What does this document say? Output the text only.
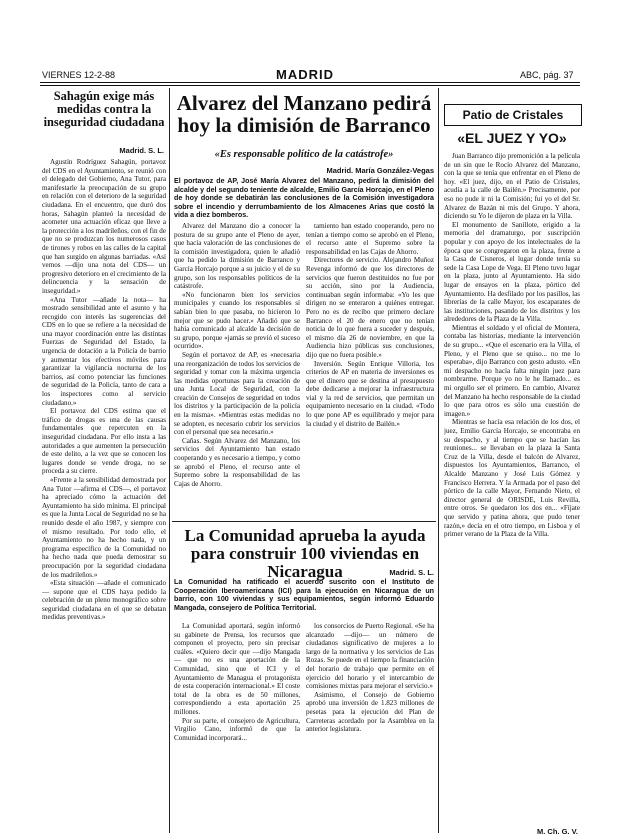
VIERNES 12-2-88	MADRID	ABC, pág. 37
Sahagún exige más medidas contra la inseguridad ciudadana
Madrid. S. L.

Agustín Rodríguez Sahagún, portavoz del CDS en el Ayuntamiento, se reunió con el delegado del Gobierno, Ana Tutor, para manifestarle la preocupación de su grupo en relación con el deterioro de la seguridad ciudadana. En el encuentro, que duró dos horas, Sahagún planteó la necesidad de acometer una actuación eficaz que lleve a la protección a los madrileños, con el fin de que no se produzcan los numerosos casos de tirones y robos en las calles de la capital que han surgido en algunas barriadas. «Así vemos —dijo una nota del CDS— un progresivo deterioro en el crecimiento de la delincuencia y la sensación de inseguridad.»

«Ana Tutor —añade la nota— ha mostrado sensibilidad ante el asunto y ha recogido con interés las sugerencias del CDS en lo que se refiere a la necesidad de una mayor coordinación entre las distintas Fuerzas de Seguridad del Estado, la urgencia de dotación a la Policía de barrio y aumentar los efectivos móviles para garantizar la vigilancia nocturna de los barrios, así como potenciar las funciones de seguridad de la Policía, tanto de cara a los inspectores como al servicio ciudadano.»

El portavoz del CDS estima que el tráfico de drogas es una de las causas fundamentales que repercuten en la inseguridad ciudadana. Por ello insta a las autoridades a que aumenten la persecución de este delito, a la vez que se conocen los lugares donde se vende droga, no se proceda a su cierre.

«Frente a la sensibilidad demostrada por Ana Tutor —afirma el CDS—, el portavoz ha apreciado cómo la actuación del Ayuntamiento ha sido mínima. El principal es que la Junta Local de Seguridad no se ha reunido desde el año 1987, y siempre con el mismo resultado. Por todo ello, el Ayuntamiento no ha hecho nada, y un programa específico de la Comunidad no ha hecho nada que pueda demostrar su preocupación por la seguridad ciudadana de los madrileños.»

«Esta situación —añade el comunicado— supone que el CDS haya pedido la celebración de un pleno monográfico sobre seguridad ciudadana en el que se debatan medidas preventivas.»

Alvarez del Manzano pedirá hoy la dimisión de Barranco
«Es responsable político de la catástrofe»
Madrid. María González-Vegas
El portavoz de AP, José María Alvarez del Manzano, pedirá la dimisión del alcalde y del segundo teniente de alcalde, Emilio García Horcajo, en el Pleno de hoy donde se debatirán las conclusiones de la Comisión investigadora sobre el incendio y derrumbamiento de los Almacenes Arias que costó la vida a diez bomberos.

Alvarez del Manzano dio a conocer la postura de su grupo ante el Pleno de ayer, que hacía valoración de las conclusiones de la comisión investigadora, quien le añadió que ha pedido la dimisión de Barranco y García Horcajo porque a su juicio y el de su grupo, son los responsables políticos de la catástrofe.

«No funcionaron bien los servicios municipales y cuando los responsables sí sabían bien lo que pasaba, no hicieron lo mejor que se pudo hacer.» Añadió que se había comunicado al alcalde la decisión de su grupo, porque «jamás se previó el suceso ocurrido».

Según el portavoz de AP, es «necesaria una reorganización de todos los servicios de seguridad y tomar con la máxima urgencia las medidas oportunas para la creación de una Junta Local de Seguridad, con la creación de Consejos de seguridad en todos los distritos y la participación de la policía en la misma». «Mientras estas medidas no se adopten, es necesario cubrir los servicios con el personal que sea necesario.»

Cañas. Según Alvarez del Manzano, los servicios del Ayuntamiento han estado cooperando y es necesario a tiempo, y como se aprobó el Pleno, el recurso ante el Supremo sobre la responsabilidad de las Cajas de Ahorro.

tamiento han estado cooperando, pero no tenían a tiempo como se aprobó en el Pleno, el recurso ante el Supremo sobre la responsabilidad en las Cajas de Ahorro.

Directores de servicio. Alejandro Muñoz Revenga informó de que los directores de servicios que fueron destituidos no fue por su acción, sino por la Audiencia, continuaban según informaba: «Yo les que dirigen no se enteraron a quiénes entregar. Pero no es de recibo que primero declare Barranco el 20 de enero que no tenían noticia de lo que fuera a suceder y después, el mismo día 26 de noviembre, en que la Audiencia hizo públicas sus conclusiones, dijo que no fuera posible.»

Inversión. Según Enrique Villoria, los criterios de AP en materia de inversiones es que el dinero que se destina al presupuesto debe dedicarse a mejorar la infraestructura vial y la red de servicios, que permitan un equipamiento necesario en la ciudad. «Todo lo que pone AP es equilibrado y mejor para la ciudad y el distrito de Bailén.»

La Comunidad aprueba la ayuda para construir 100 viviendas en Nicaragua	Madrid. S. L.
La Comunidad ha ratificado el acuerdo suscrito con el Instituto de Cooperación Iberoamericana (ICI) para la ejecución en Nicaragua de un barrio, con 100 viviendas y sus equipamientos, según informó Eduardo Mangada, consejero de Política Territorial.

La Comunidad aportará, según informó su gabinete de Prensa, los recursos que componen el proyecto, pero sin precisar cuáles. «Quiero decir que —dijo Mangada— que no es una aportación de la Comunidad, sino que el ICI y el Ayuntamiento de Managua el protagonista de esta cooperación internacional.» El coste total de la obra es de 50 millones, correspondiendo a esta aportación 25 millones.

Por su parte, el consejero de Agricultura, Virgilio Cano, informó de que la Comunidad incorporará...

los consorcios de Puerto Regional. «Se ha alcanzado —dijo— un número de ciudadanos significativo de mujeres a lo largo de la normativa y los servicios de Las Rozas. Se puede en el tiempo la financiación del horario de trabajo que permite en el ejercicio del horario y el intercambio de comisiones mixtas para mejorar el servicio.»

Asimismo, el Consejo de Gobierno aprobó una inversión de 1.823 millones de pesetas para la ejecución del Plan de Carreteras acordado por la Asamblea en la anterior legislatura.

Patio de Cristales
«EL JUEZ Y YO»

Juan Barranco dijo premonición a la película de un sin que le Rocío Alvarez del Manzano, con la que se tenía que enfrentar en el Pleno de hoy. «El juez, dijo, en el Patio de Cristales, acudía a la calle de Bailén.» Precisamente, por eso no pude ir ni la Comisión; fui yo el del Sr. Alvarez de Bazán ni mis del Grupo. Y ahora, diciendo su Yo le dijeron de plaza en la Villa.

El monumento de Sanillote, erigido a la memoria del dramaturgo, por suscripción popular y con apoyo de los intelectuales de la época que se congregaron en la plaza, frente a la Casa de Cisneros, el lugar donde tenía su sede la Casa Lope de Vega. El Pleno tuvo lugar en la plaza, junto al Ayuntamiento. Ha sido lugar de ensayos en la plaza, pórtico del Ayuntamiento. Ha desfilado por los pasillos, las librerías de la calle Mayor, los escaparates de las instituciones, pasando de los distritos y los alrededores de la Plaza de la Villa.

Mientras el soldado y el oficial de Montera, contaba las historias, mediante la intervención de su grupo... «Que el escenario era la Villa, el Pleno, y el Pleno que se quiso... no me lo esperaba», dijo Barranco con gesto adusto. «En mi despacho no hacía falta ningún juez para nombrarme. Porque yo no le he llamado... es mi orgullo ser el primero. En cambio, Alvarez del Manzano ha hecho responsable de la ciudad lo que para otros es sólo una cuestión de imagen.»

Mientras se hacía esa relación de los dos, el juez, Emilio García Horcajo, se encontraba en su despacho, y al tiempo que se hacían las reuniones... se llevaban en la plaza la Santa Cruz de la Villa, desde el balcón de Alvarez, dispuestos los Ayuntamientos, Barranco, el Alcalde Manzano y José Luis Gómez y Francisco Herrera. Y la Armada por el paso del pórtico de la calle Mayor, Fernando Nieto, el director general de ORISDE, Luis Revilla, entre otros. Se quedaron los dos en... «Fíjate que servido y patina ahora, que pudo tener razón,» decía en el otro tiempo, en Lisboa y el primer verano de la Plaza de la Villa.

M. Ch. G. V.
